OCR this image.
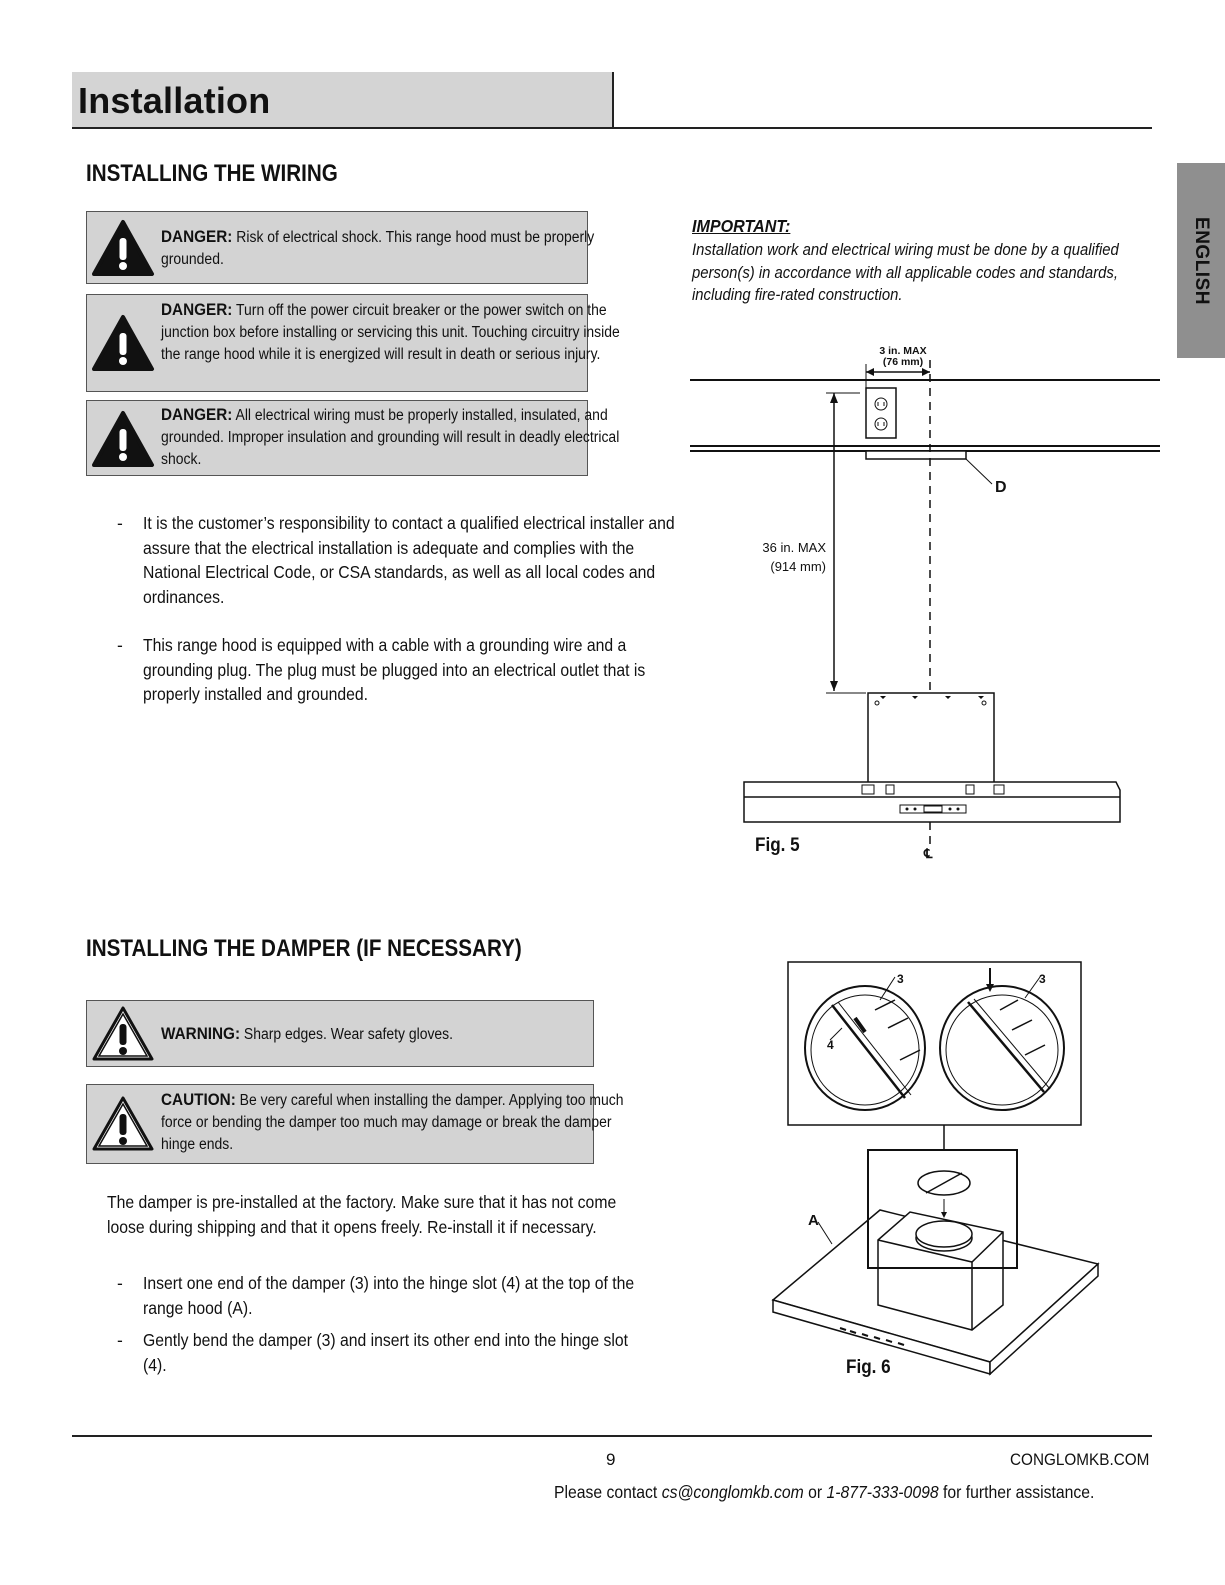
Installation
ENGLISH
INSTALLING THE WIRING
DANGER: Risk of electrical shock. This range hood must be properly grounded.
DANGER: Turn off the power circuit breaker or the power switch on the junction box before installing or servicing this unit. Touching circuitry inside the range hood while it is energized will result in death or serious injury.
DANGER: All electrical wiring must be properly installed, insulated, and grounded. Improper insulation and grounding will result in deadly electrical shock.
- It is the customer’s responsibility to contact a qualified electrical installer and assure that the electrical installation is adequate and complies with the National Electrical Code, or CSA standards, as well as all local codes and ordinances.
- This range hood is equipped with a cable with a grounding wire and a grounding plug. The plug must be plugged into an electrical outlet that is properly installed and grounded.
IMPORTANT:
Installation work and electrical wiring must be done by a qualified person(s) in accordance with all applicable codes and standards, including fire-rated construction.
3 in. MAX
(76 mm)
36 in. MAX
(914 mm)
D
℄
Fig. 5
INSTALLING THE DAMPER (IF NECESSARY)
WARNING: Sharp edges. Wear safety gloves.
CAUTION: Be very careful when installing the damper. Applying too much force or bending the damper too much may damage or break the damper hinge ends.
The damper is pre-installed at the factory. Make sure that it has not come loose during shipping and that it opens freely. Re-install it if necessary.
- Insert one end of the damper (3) into the hinge slot (4) at the top of the range hood (A).
- Gently bend the damper (3) and insert its other end into the hinge slot (4).
3	3
4
A
Fig. 6
9	CONGLOMKB.COM
Please contact cs@conglomkb.com or 1-877-333-0098 for further assistance.
